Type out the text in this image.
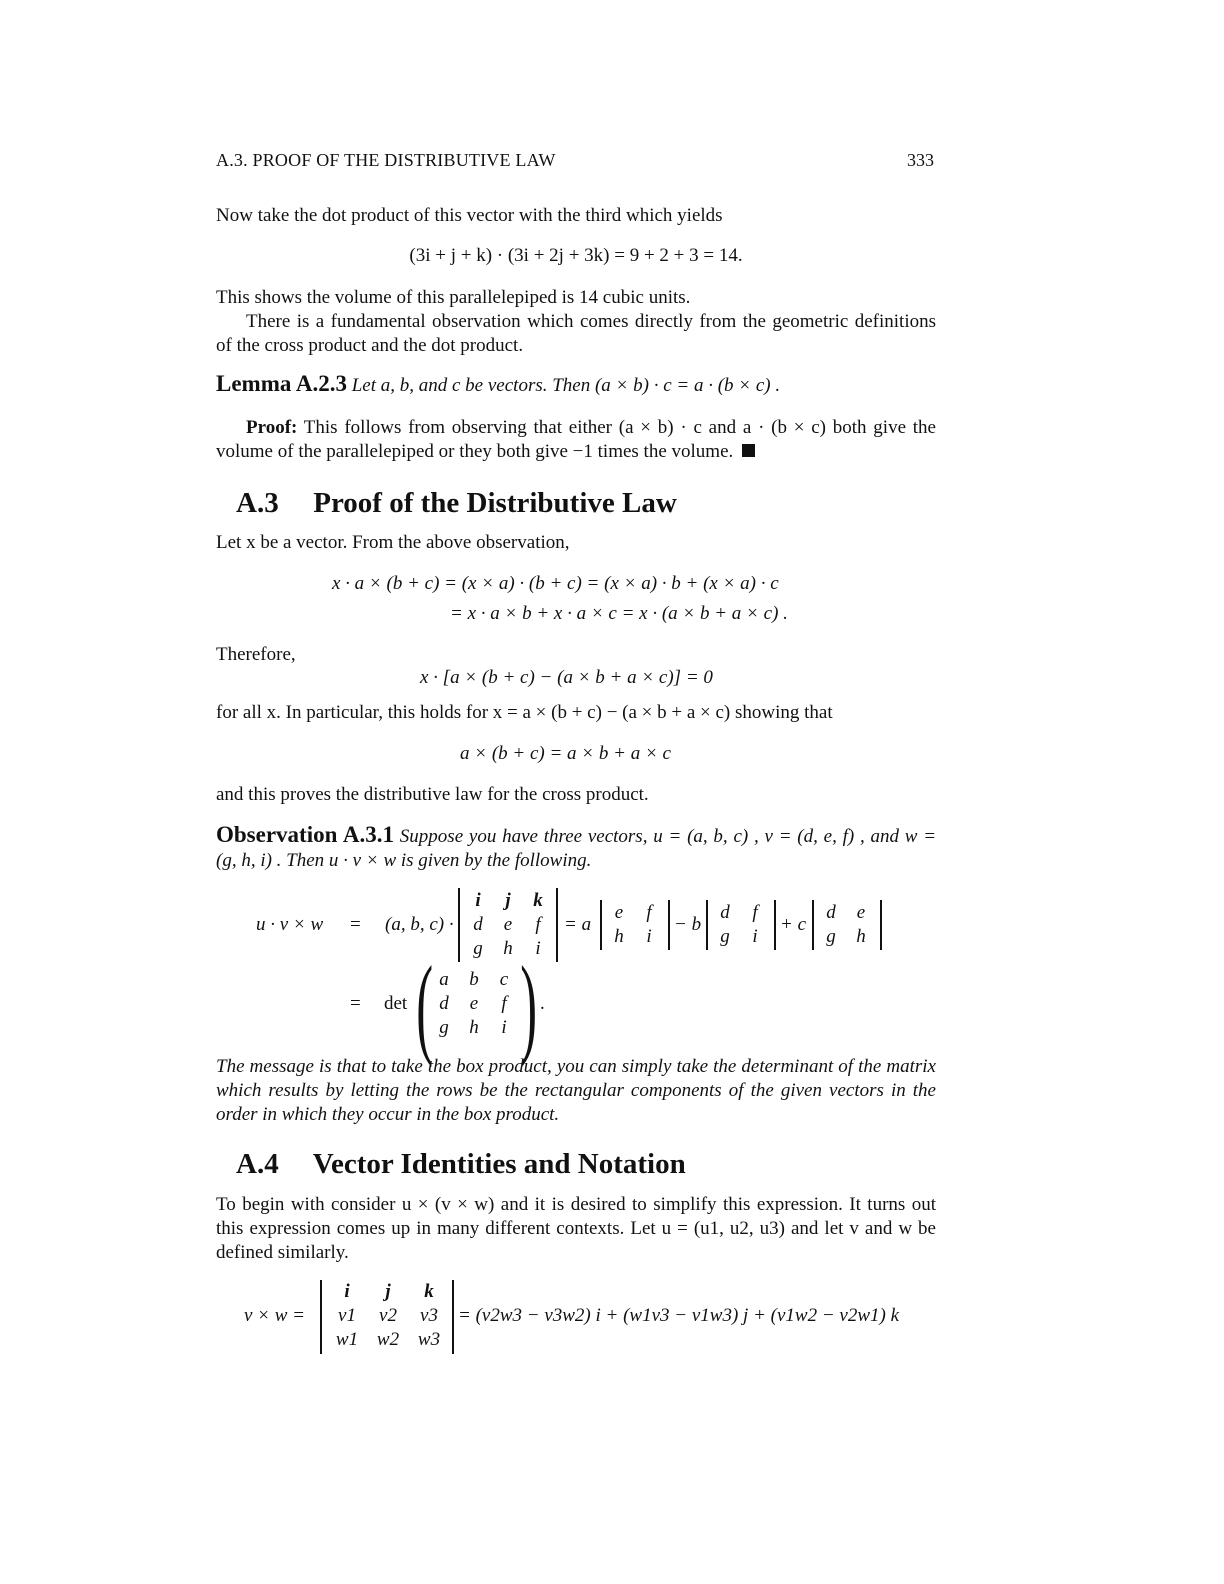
A.3. PROOF OF THE DISTRIBUTIVE LAW	333
Now take the dot product of this vector with the third which yields
(3i + j + k) · (3i + 2j + 3k) = 9 + 2 + 3 = 14.
This shows the volume of this parallelepiped is 14 cubic units.
There is a fundamental observation which comes directly from the geometric definitions of the cross product and the dot product.
Lemma A.2.3 Let a, b, and c be vectors. Then (a × b) · c = a · (b × c) .
Proof: This follows from observing that either (a × b) · c and a · (b × c) both give the volume of the parallelepiped or they both give −1 times the volume.
A.3 Proof of the Distributive Law
Let x be a vector. From the above observation,
x · a × (b + c) = (x × a) · (b + c) = (x × a) · b + (x × a) · c
= x · a × b + x · a × c = x · (a × b + a × c) .
Therefore,
x · [a × (b + c) − (a × b + a × c)] = 0
for all x. In particular, this holds for x = a × (b + c) − (a × b + a × c) showing that
a × (b + c) = a × b + a × c
and this proves the distributive law for the cross product.
Observation A.3.1 Suppose you have three vectors, u = (a, b, c) , v = (d, e, f) , and w = (g, h, i) . Then u · v × w is given by the following.
u · v × w = (a, b, c) ·
i j k
d e f
g h i
= a
e f
h i
− b
d f
g i
+ c
d e
g h
= det ( a b c
d e f
g h i ) .
The message is that to take the box product, you can simply take the determinant of the matrix which results by letting the rows be the rectangular components of the given vectors in the order in which they occur in the box product.
A.4 Vector Identities and Notation
To begin with consider u × (v × w) and it is desired to simplify this expression. It turns out this expression comes up in many different contexts. Let u = (u1, u2, u3) and let v and w be defined similarly.
v × w =
i j k
v1 v2 v3
w1 w2 w3
= (v2w3 − v3w2) i + (w1v3 − v1w3) j + (v1w2 − v2w1) k
